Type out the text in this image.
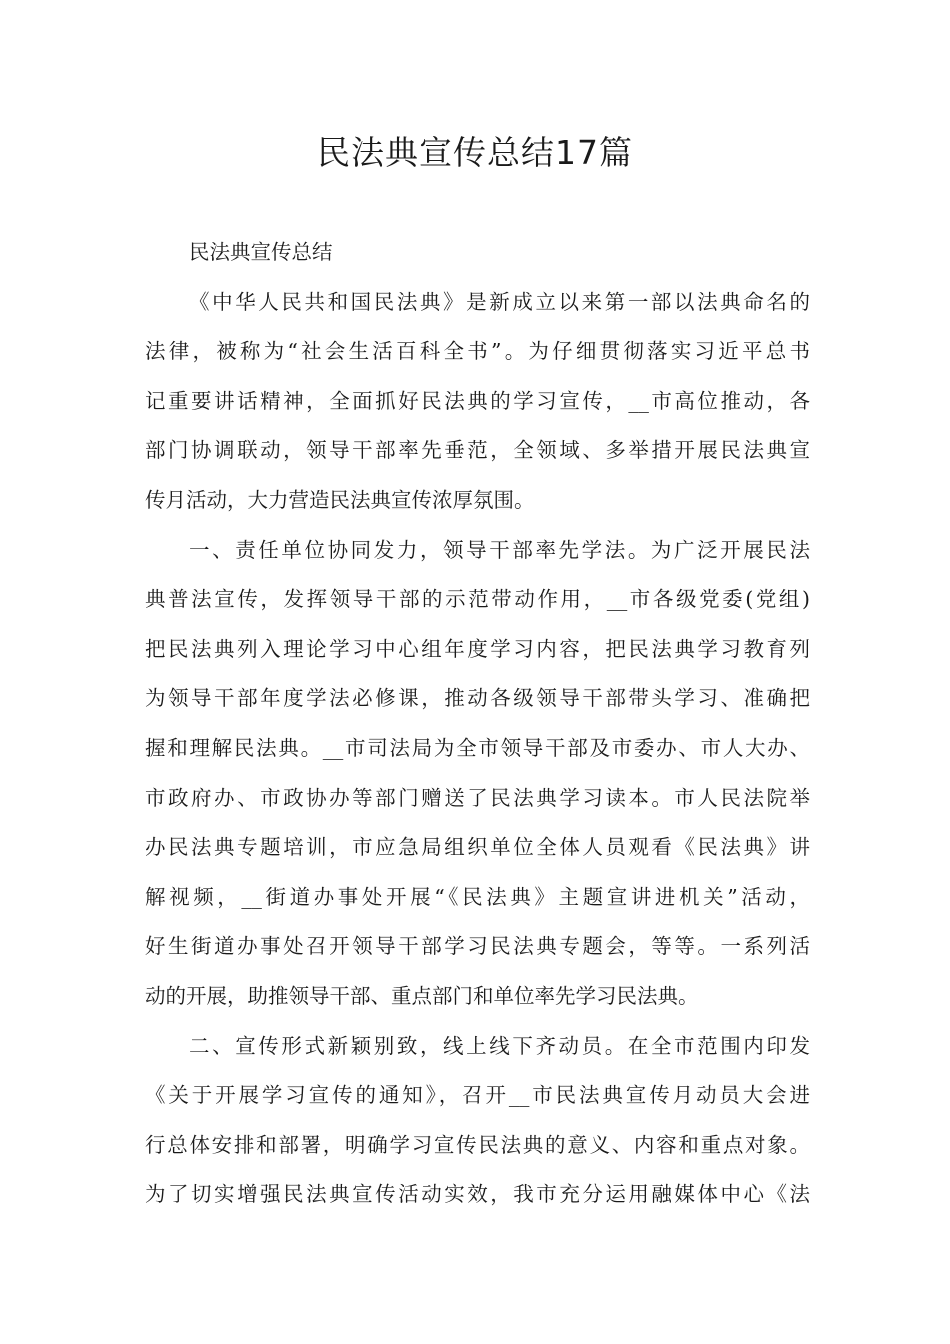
民法典宣传总结17篇
民法典宣传总结
《中华人民共和国民法典》是新成立以来第一部以法典命名的
法律，被称为“社会生活百科全书”。为仔细贯彻落实习近平总书
记重要讲话精神，全面抓好民法典的学习宣传，__市高位推动，各
部门协调联动，领导干部率先垂范，全领域、多举措开展民法典宣
传月活动，大力营造民法典宣传浓厚氛围。
一、责任单位协同发力，领导干部率先学法。为广泛开展民法
典普法宣传，发挥领导干部的示范带动作用，__市各级党委(党组)
把民法典列入理论学习中心组年度学习内容，把民法典学习教育列
为领导干部年度学法必修课，推动各级领导干部带头学习、准确把
握和理解民法典。__市司法局为全市领导干部及市委办、市人大办、
市政府办、市政协办等部门赠送了民法典学习读本。市人民法院举
办民法典专题培训，市应急局组织单位全体人员观看《民法典》讲
解视频，__街道办事处开展“《民法典》主题宣讲进机关”活动，
好生街道办事处召开领导干部学习民法典专题会，等等。一系列活
动的开展，助推领导干部、重点部门和单位率先学习民法典。
二、宣传形式新颖别致，线上线下齐动员。在全市范围内印发
《关于开展学习宣传的通知》，召开__市民法典宣传月动员大会进
行总体安排和部署，明确学习宣传民法典的意义、内容和重点对象。
为了切实增强民法典宣传活动实效，我市充分运用融媒体中心《法
